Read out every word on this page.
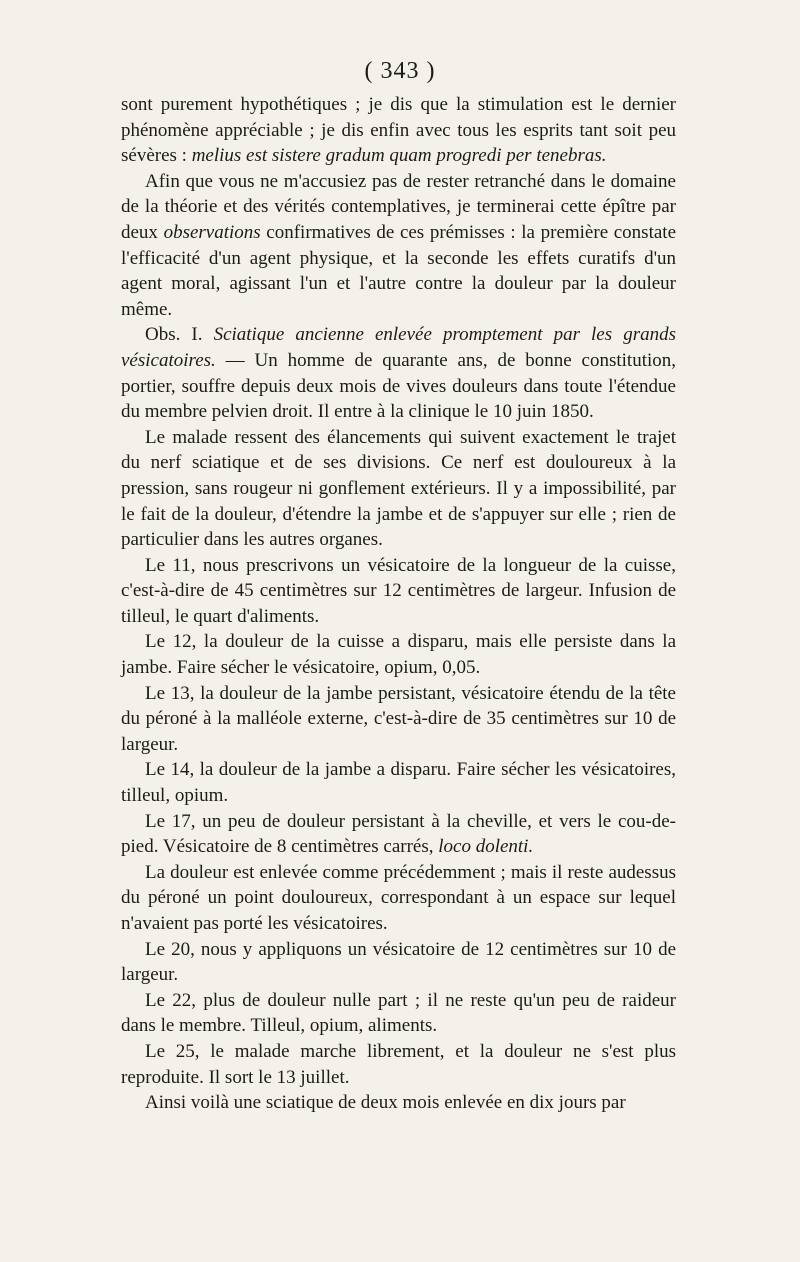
( 343 )

sont purement hypothétiques ; je dis que la stimulation est le dernier phénomène appréciable ; je dis enfin avec tous les esprits tant soit peu sévères : melius est sistere gradum quam progredi per tenebras.

Afin que vous ne m'accusiez pas de rester retranché dans le domaine de la théorie et des vérités contemplatives, je terminerai cette épître par deux observations confirmatives de ces prémisses : la première constate l'efficacité d'un agent physique, et la seconde les effets curatifs d'un agent moral, agissant l'un et l'autre contre la douleur par la douleur même.

Obs. I. Sciatique ancienne enlevée promptement par les grands vésicatoires. — Un homme de quarante ans, de bonne constitution, portier, souffre depuis deux mois de vives douleurs dans toute l'étendue du membre pelvien droit. Il entre à la clinique le 10 juin 1850.

Le malade ressent des élancements qui suivent exactement le trajet du nerf sciatique et de ses divisions. Ce nerf est douloureux à la pression, sans rougeur ni gonflement extérieurs. Il y a impossibilité, par le fait de la douleur, d'étendre la jambe et de s'appuyer sur elle ; rien de particulier dans les autres organes.

Le 11, nous prescrivons un vésicatoire de la longueur de la cuisse, c'est-à-dire de 45 centimètres sur 12 centimètres de largeur. Infusion de tilleul, le quart d'aliments.

Le 12, la douleur de la cuisse a disparu, mais elle persiste dans la jambe. Faire sécher le vésicatoire, opium, 0,05.

Le 13, la douleur de la jambe persistant, vésicatoire étendu de la tête du péroné à la malléole externe, c'est-à-dire de 35 centimètres sur 10 de largeur.

Le 14, la douleur de la jambe a disparu. Faire sécher les vésicatoires, tilleul, opium.

Le 17, un peu de douleur persistant à la cheville, et vers le cou-de-pied. Vésicatoire de 8 centimètres carrés, loco dolenti.

La douleur est enlevée comme précédemment ; mais il reste audessus du péroné un point douloureux, correspondant à un espace sur lequel n'avaient pas porté les vésicatoires.

Le 20, nous y appliquons un vésicatoire de 12 centimètres sur 10 de largeur.

Le 22, plus de douleur nulle part ; il ne reste qu'un peu de raideur dans le membre. Tilleul, opium, aliments.

Le 25, le malade marche librement, et la douleur ne s'est plus reproduite. Il sort le 13 juillet.

Ainsi voilà une sciatique de deux mois enlevée en dix jours par
